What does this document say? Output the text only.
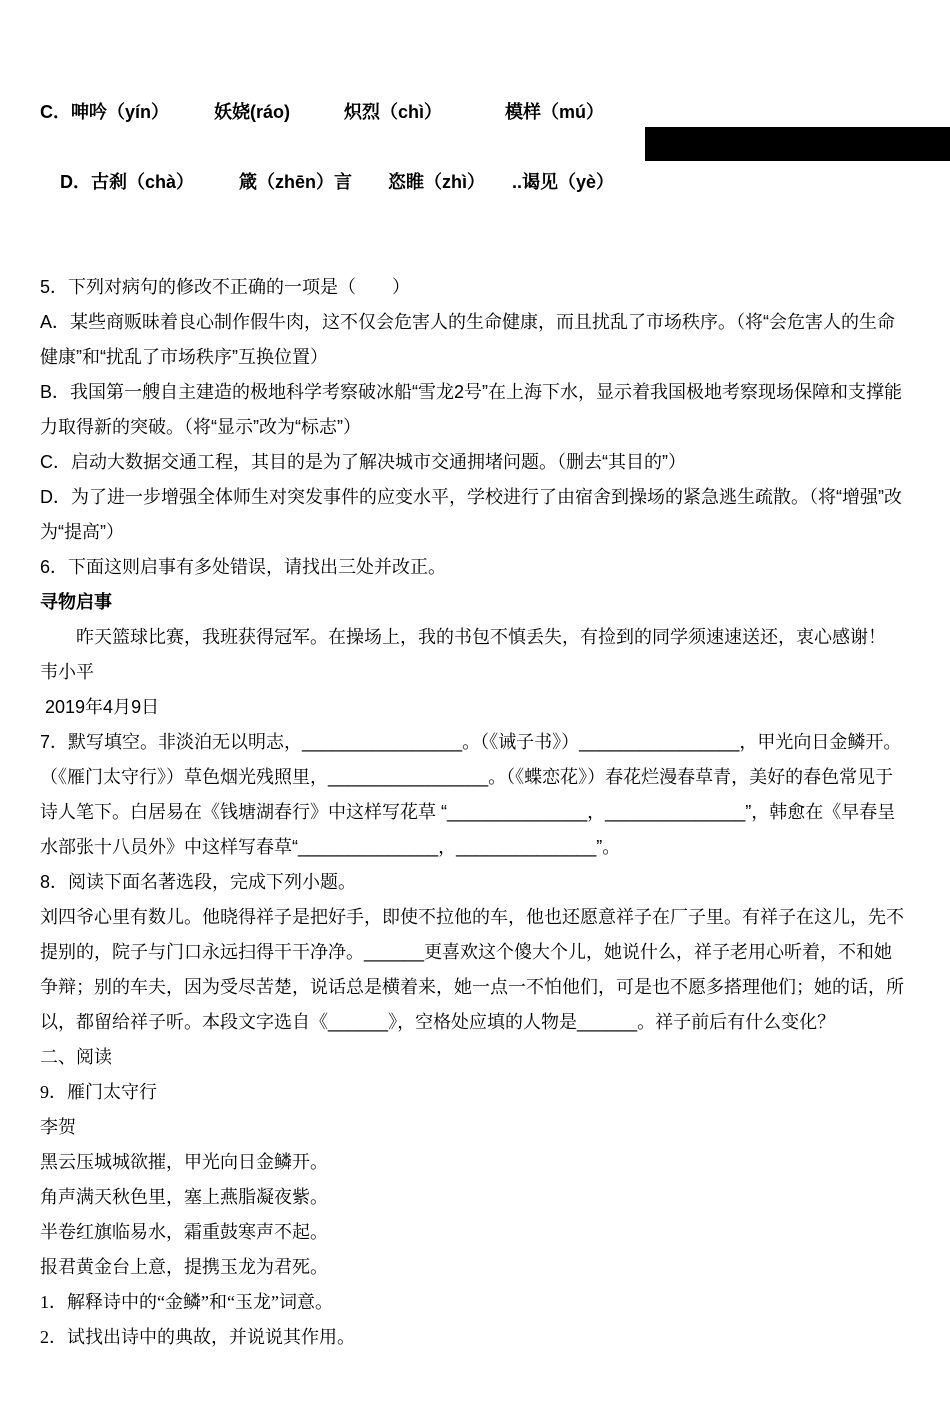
C．呻吟（yín）　　　妖娆(ráo)　　　炽烈（chì）　　　　模样（mú）

D．古刹（chà）　　　箴（zhēn）言　　恣睢（zhì）　　..谒见（yè）

5．下列对病句的修改不正确的一项是（　　）

A．某些商贩昧着良心制作假牛肉，这不仅会危害人的生命健康，而且扰乱了市场秩序。（将“会危害人的生命健康”和“扰乱了市场秩序”互换位置）

B．我国第一艘自主建造的极地科学考察破冰船“雪龙2号”在上海下水，显示着我国极地考察现场保障和支撑能力取得新的突破。（将“显示”改为“标志”）

C．启动大数据交通工程，其目的是为了解决城市交通拥堵问题。（删去“其目的”）

D．为了进一步增强全体师生对突发事件的应变水平，学校进行了由宿舍到操场的紧急逃生疏散。（将“增强”改为“提高”）

6．下面这则启事有多处错误，请找出三处并改正。

寻物启事

　　昨天篮球比赛，我班获得冠军。在操场上，我的书包不慎丢失，有捡到的同学须速速送还，衷心感谢！

韦小平

2019年4月9日

7．默写填空。非淡泊无以明志，________________。（《诫子书》）________________，甲光向日金鳞开。（《雁门太守行》）草色烟光残照里，________________。（《蝶恋花》）春花烂漫春草青，美好的春色常见于诗人笔下。白居易在《钱塘湖春行》中这样写花草 “______________，______________”，韩愈在《早春呈水部张十八员外》中这样写春草“______________，______________”。

8．阅读下面名著选段，完成下列小题。

刘四爷心里有数儿。他晓得祥子是把好手，即使不拉他的车，他也还愿意祥子在厂子里。有祥子在这儿，先不提别的，院子与门口永远扫得干干净净。______更喜欢这个傻大个儿，她说什么，祥子老用心听着，不和她争辩；别的车夫，因为受尽苦楚，说话总是横着来，她一点一不怕他们，可是也不愿多搭理他们；她的话，所以，都留给祥子听。本段文字选自《______》，空格处应填的人物是______。祥子前后有什么变化？

二、阅读

9．雁门太守行

李贺

黑云压城城欲摧，甲光向日金鳞开。

角声满天秋色里，塞上燕脂凝夜紫。

半卷红旗临易水，霜重鼓寒声不起。

报君黄金台上意，提携玉龙为君死。

1．解释诗中的“金鳞”和“玉龙”词意。

2．试找出诗中的典故，并说说其作用。
